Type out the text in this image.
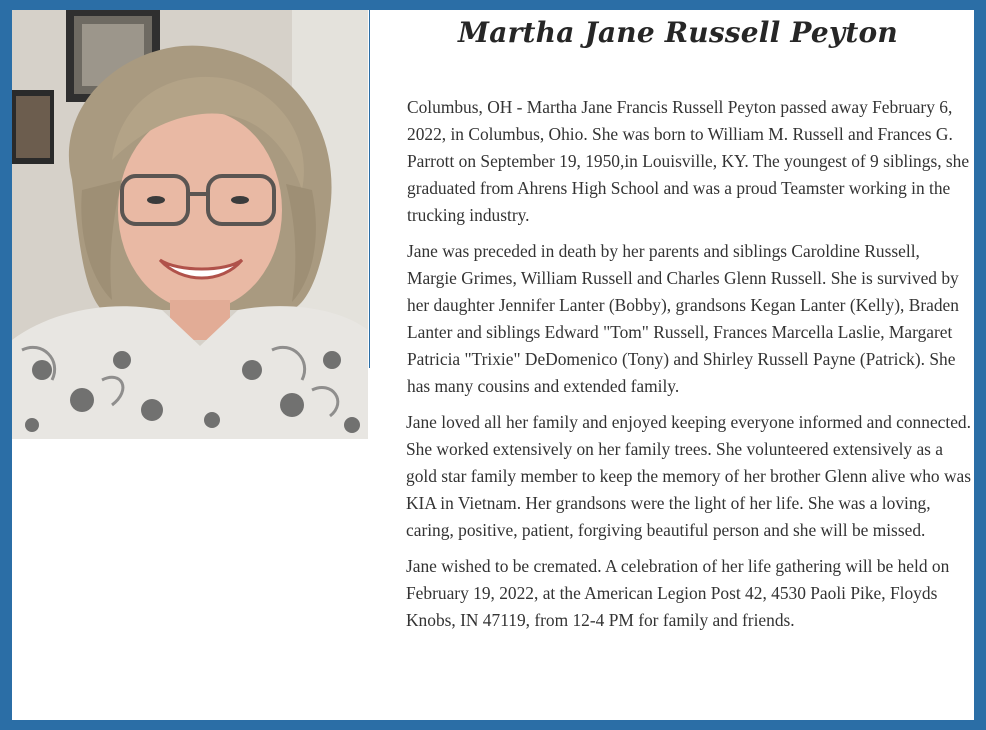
Martha Jane Russell Peyton

Columbus, OH - Martha Jane Francis Russell Peyton passed away February 6, 2022, in Columbus, Ohio. She was born to William M. Russell and Frances G. Parrott on September 19, 1950,in Louisville, KY. The youngest of 9 siblings, she graduated from Ahrens High School and was a proud Teamster working in the trucking industry.

Jane was preceded in death by her parents and siblings Caroldine Russell, Margie Grimes, William Russell and Charles Glenn Russell. She is survived by her daughter Jennifer Lanter (Bobby), grandsons Kegan Lanter (Kelly), Braden Lanter and siblings Edward "Tom" Russell, Frances Marcella Laslie, Margaret Patricia "Trixie" DeDomenico (Tony) and Shirley Russell Payne (Patrick). She has many cousins and extended family.

Jane loved all her family and enjoyed keeping everyone informed and connected. She worked extensively on her family trees. She volunteered extensively as a gold star family member to keep the memory of her brother Glenn alive who was KIA in Vietnam. Her grandsons were the light of her life. She was a loving, caring, positive, patient, forgiving beautiful person and she will be missed.

Jane wished to be cremated. A celebration of her life gathering will be held on February 19, 2022, at the American Legion Post 42, 4530 Paoli Pike, Floyds Knobs, IN 47119, from 12-4 PM for family and friends.
